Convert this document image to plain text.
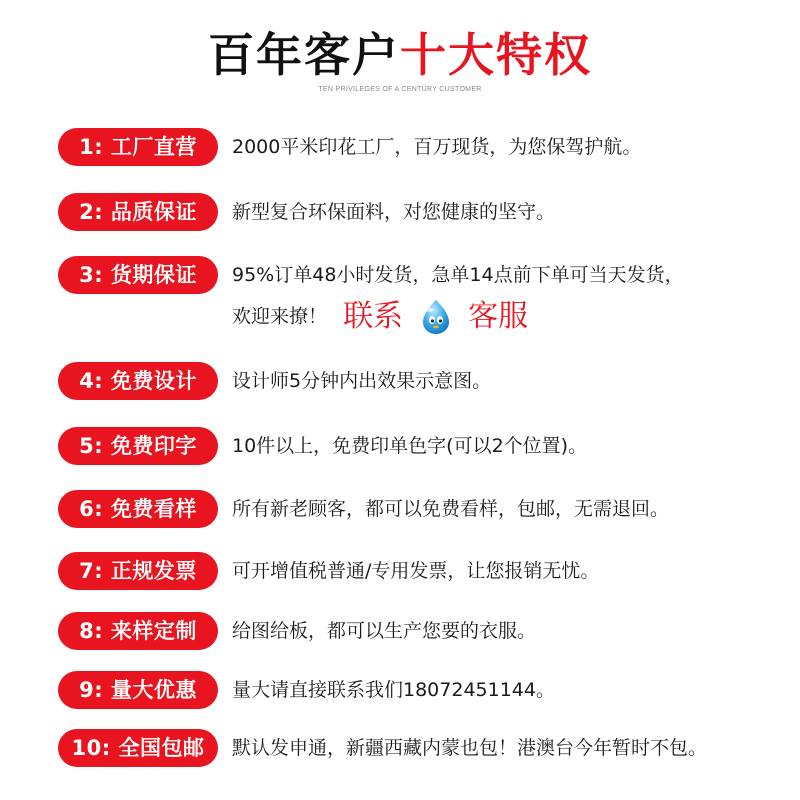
百年客户十大特权
TEN PRIVILEGES OF A CENTURY CUSTOMER
1: 工厂直营	2000平米印花工厂，百万现货，为您保驾护航。
2: 品质保证	新型复合环保面料，对您健康的坚守。
3: 货期保证	95%订单48小时发货，急单14点前下单可当天发货，
欢迎来撩！ 联系 客服
4: 免费设计	设计师5分钟内出效果示意图。
5: 免费印字	10件以上，免费印单色字(可以2个位置)。
6: 免费看样	所有新老顾客，都可以免费看样，包邮，无需退回。
7: 正规发票	可开增值税普通/专用发票，让您报销无忧。
8: 来样定制	给图给板，都可以生产您要的衣服。
9: 量大优惠	量大请直接联系我们18072451144。
10: 全国包邮	默认发申通，新疆西藏内蒙也包！港澳台今年暂时不包。
